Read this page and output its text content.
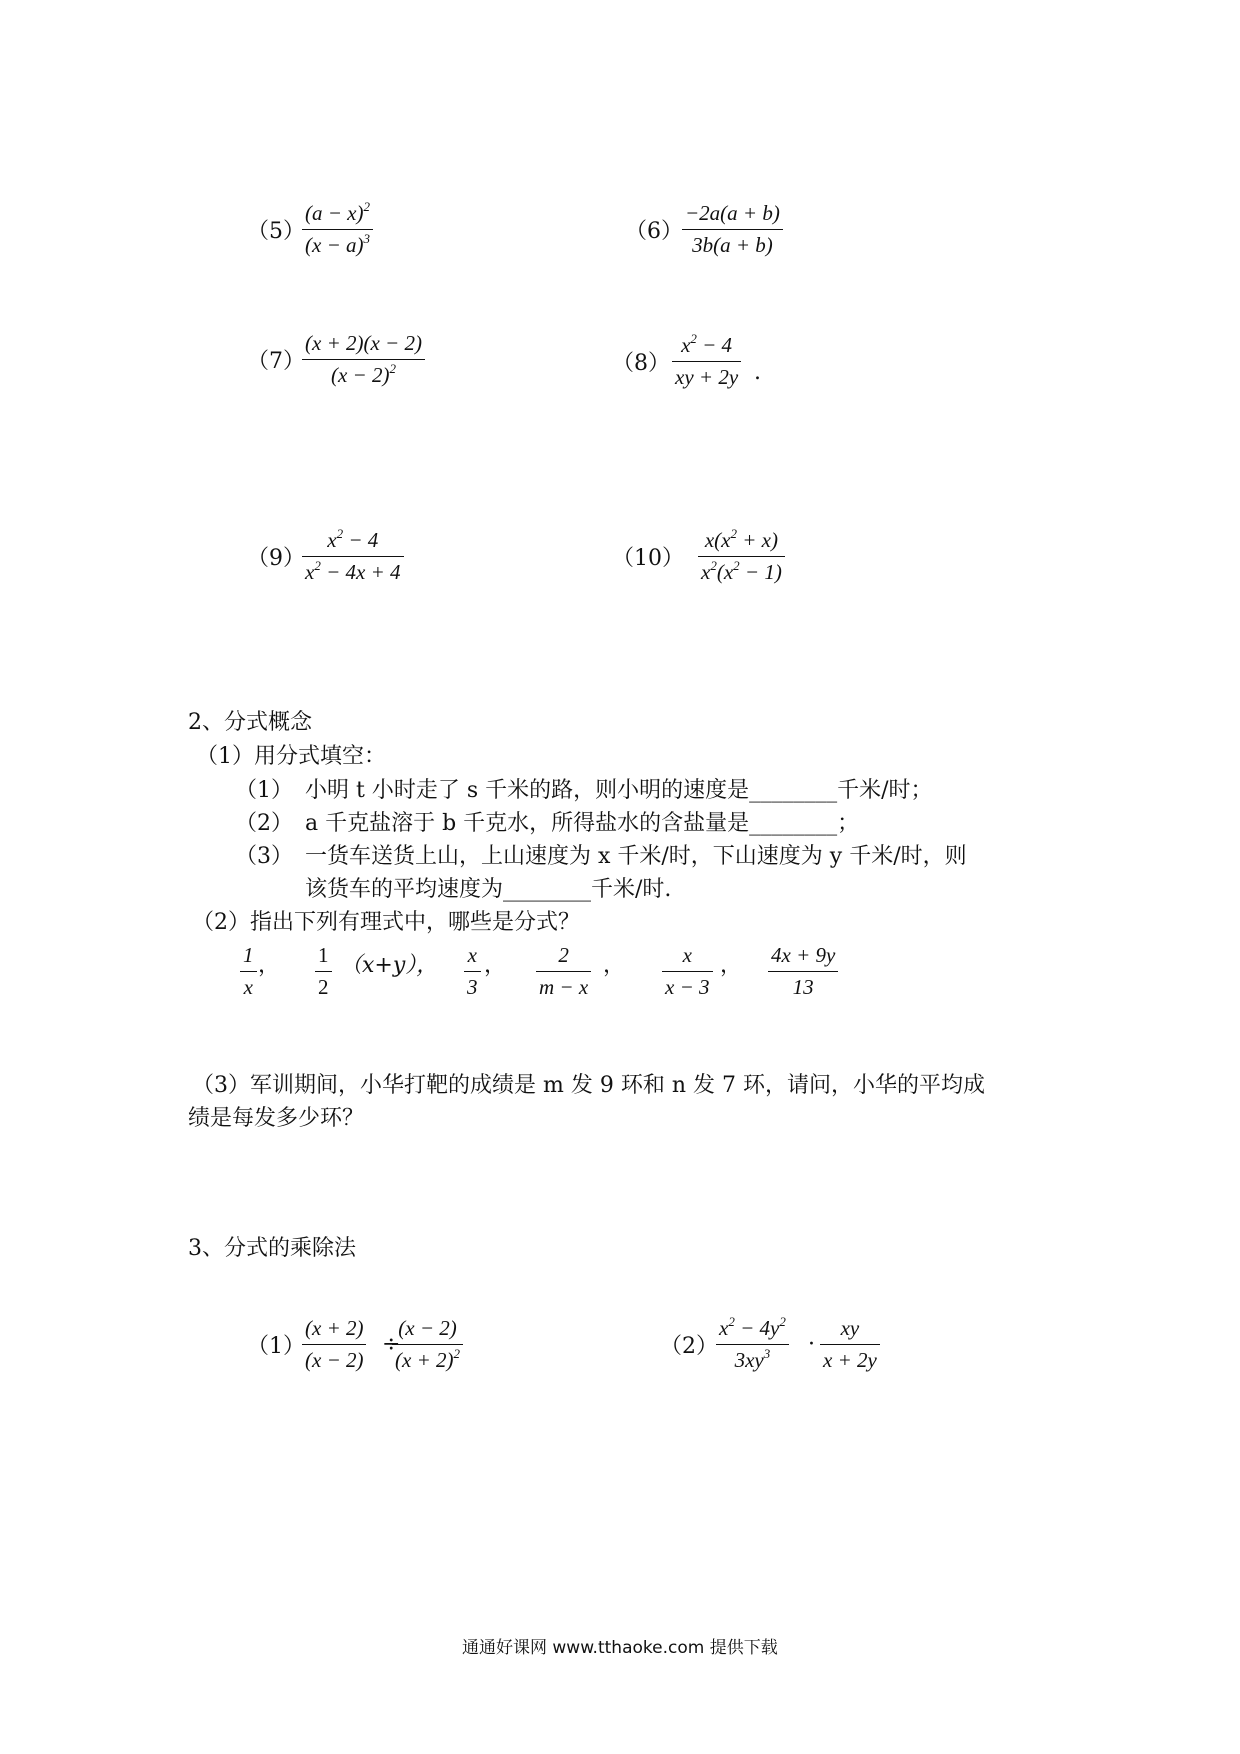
（5）
$\frac{(a - x)^2}{(x - a)^3}$	$(6) \frac{-2a(a + b)}{3b(a + b)}$
（7）
$\frac{(x + 2)(x - 2)}{(x - 2)^2}$	$(8) \frac{x^2 - 4}{xy + 2y}$ .
（9）
$\frac{x^2 - 4}{x^2 - 4x + 4}$	$(10) \frac{x(x^2 + x)}{x^2(x^2 - 1)}$
2、分式概念
（1）用分式填空：
（1） 小明 t 小时走了 s 千米的路，则小明的速度是________千米/时；
（2） a 千克盐溶于 b 千克水，所得盐水的含盐量是________；
（3） 一货车送货上山，上山速度为 x 千米/时，下山速度为 y 千米/时，则
该货车的平均速度为________千米/时.
（2）指出下列有理式中，哪些是分式？
$\frac{1}{x}$ ， $\frac{1}{2} (x+y)$， $\frac{x}{3}$ ， $\frac{2}{m - x}$ ， $\frac{x}{x - 3}$ ， $\frac{4x + 9y}{13}$
（3）军训期间，小华打靶的成绩是 m 发 9 环和 n 发 7 环，请问，小华的平均成
绩是每发多少环？
3、分式的乘除法
（1）
$\frac{(x + 2)}{(x - 2)}$ ÷
$\frac{(x - 2)}{(x + 2)^2}$	（2）
$\frac{x^2 - 4y^2}{3xy^3} \cdot \frac{xy}{x + 2y}$
通通好课网 www.tthaoke.com 提供下载
